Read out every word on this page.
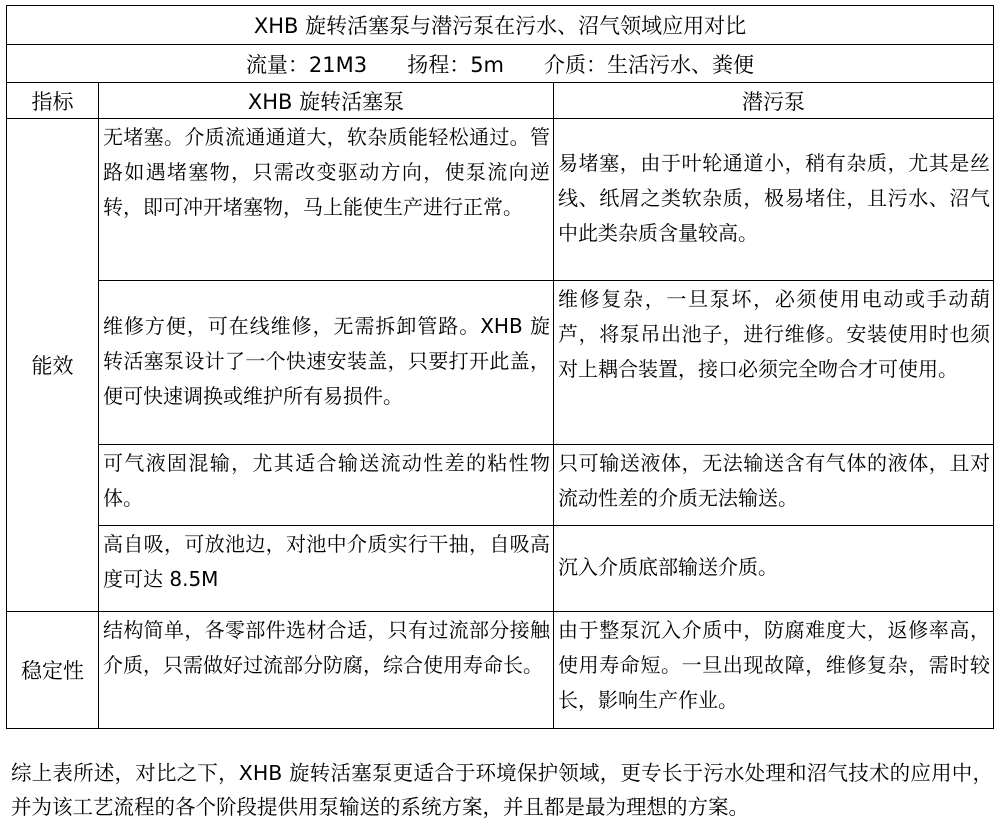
XHB 旋转活塞泵与潜污泵在污水、沼气领域应用对比		
流量：21M3      扬程：5m      介质：生活污水、粪便		
指标	XHB 旋转活塞泵	潜污泵
能效	无堵塞。介质流通通道大，软杂质能轻松通过。管路如遇堵塞物，只需改变驱动方向，使泵流向逆转，即可冲开堵塞物，马上能使生产进行正常。	易堵塞，由于叶轮通道小，稍有杂质，尤其是丝线、纸屑之类软杂质，极易堵住，且污水、沼气中此类杂质含量较高。
	维修方便，可在线维修，无需拆卸管路。XHB 旋转活塞泵设计了一个快速安装盖，只要打开此盖，便可快速调换或维护所有易损件。	维修复杂，一旦泵坏，必须使用电动或手动葫芦，将泵吊出池子，进行维修。安装使用时也须对上耦合装置，接口必须完全吻合才可使用。
	可气液固混输，尤其适合输送流动性差的粘性物体。	只可输送液体，无法输送含有气体的液体，且对流动性差的介质无法输送。
	高自吸，可放池边，对池中介质实行干抽，自吸高度可达 8.5M	沉入介质底部输送介质。
稳定性	结构简单，各零部件选材合适，只有过流部分接触介质，只需做好过流部分防腐，综合使用寿命长。	由于整泵沉入介质中，防腐难度大，返修率高，使用寿命短。一旦出现故障，维修复杂，需时较长，影响生产作业。
综上表所述，对比之下，XHB 旋转活塞泵更适合于环境保护领域，更专长于污水处理和沼气技术的应用中，并为该工艺流程的各个阶段提供用泵输送的系统方案，并且都是最为理想的方案。
